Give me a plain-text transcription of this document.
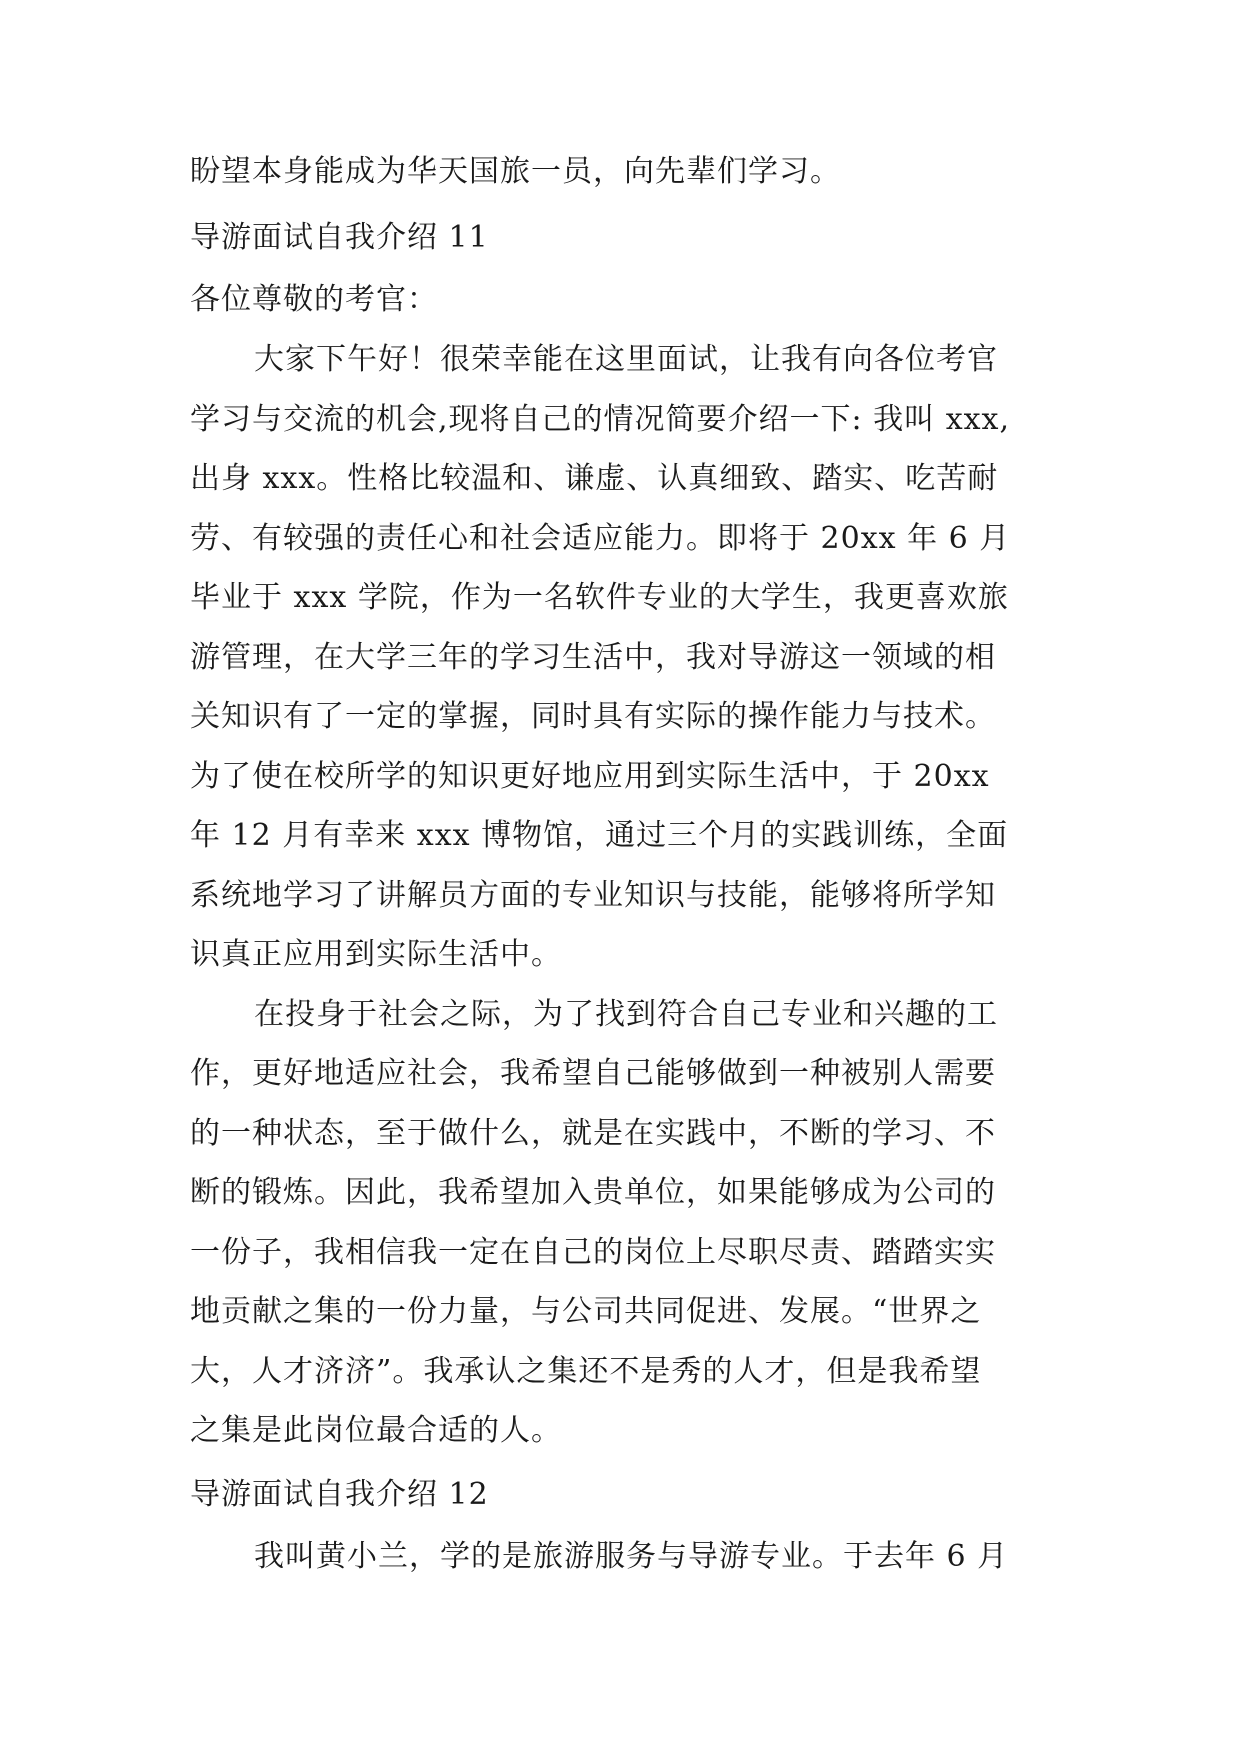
盼望本身能成为华天国旅一员，向先辈们学习。
导游面试自我介绍 11
各位尊敬的考官：
大家下午好！很荣幸能在这里面试，让我有向各位考官
学习与交流的机会,现将自己的情况简要介绍一下: 我叫 xxx,
出身 xxx。性格比较温和、谦虚、认真细致、踏实、吃苦耐
劳、有较强的责任心和社会适应能力。即将于 20xx 年 6 月
毕业于 xxx 学院，作为一名软件专业的大学生，我更喜欢旅
游管理，在大学三年的学习生活中，我对导游这一领域的相
关知识有了一定的掌握，同时具有实际的操作能力与技术。
为了使在校所学的知识更好地应用到实际生活中，于 20xx
年 12 月有幸来 xxx 博物馆，通过三个月的实践训练，全面
系统地学习了讲解员方面的专业知识与技能，能够将所学知
识真正应用到实际生活中。
在投身于社会之际，为了找到符合自己专业和兴趣的工
作，更好地适应社会，我希望自己能够做到一种被别人需要
的一种状态，至于做什么，就是在实践中，不断的学习、不
断的锻炼。因此，我希望加入贵单位，如果能够成为公司的
一份子，我相信我一定在自己的岗位上尽职尽责、踏踏实实
地贡献之集的一份力量，与公司共同促进、发展。“世界之
大，人才济济”。我承认之集还不是秀的人才，但是我希望
之集是此岗位最合适的人。
导游面试自我介绍 12
我叫黄小兰，学的是旅游服务与导游专业。于去年 6 月
